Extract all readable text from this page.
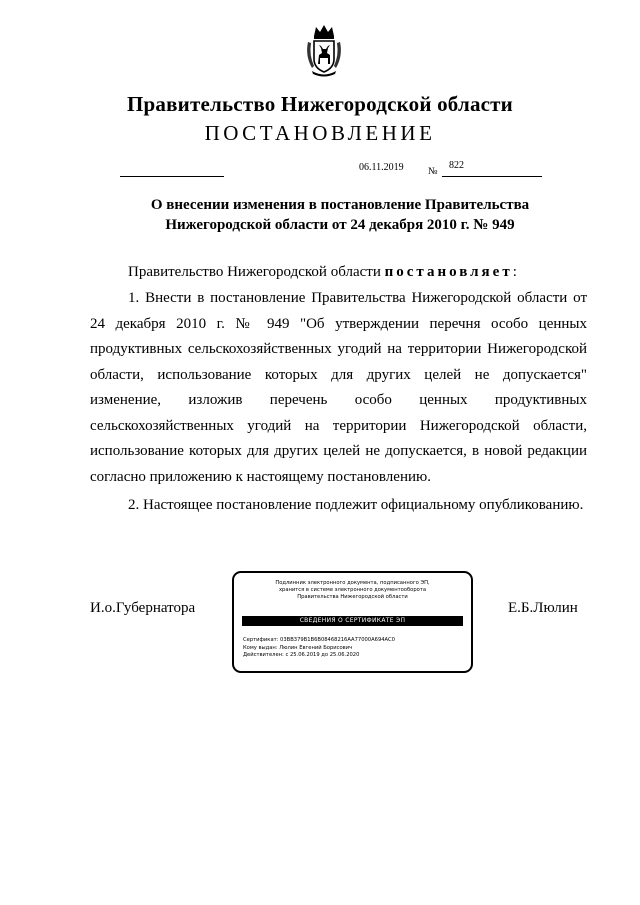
Правительство Нижегородской области
ПОСТАНОВЛЕНИЕ
06.11.2019 №
822
О внесении изменения в постановление Правительства
Нижегородской области от 24 декабря 2010 г. № 949
Правительство Нижегородской области постановляет:
1. Внести в постановление Правительства Нижегородской области от 24 декабря 2010 г. № 949 "Об утверждении перечня особо ценных продуктивных сельскохозяйственных угодий на территории Нижегородской области, использование которых для других целей не допускается" изменение, изложив перечень особо ценных продуктивных сельскохозяйственных угодий на территории Нижегородской области, использование которых для других целей не допускается, в новой редакции согласно приложению к настоящему постановлению.
2. Настоящее постановление подлежит официальному опубликованию.
И.о.Губернатора	Е.Б.Люлин
Подлинник электронного документа, подписанного ЭП,
хранится в системе электронного документооборота
Правительства Нижегородской области
СВЕДЕНИЯ О СЕРТИФИКАТЕ ЭП
Сертификат: 03BB379B1B6B08468216AA77000A694AC0
Кому выдан: Люлин Евгений Борисович
Действителен: с 25.06.2019 до 25.06.2020
